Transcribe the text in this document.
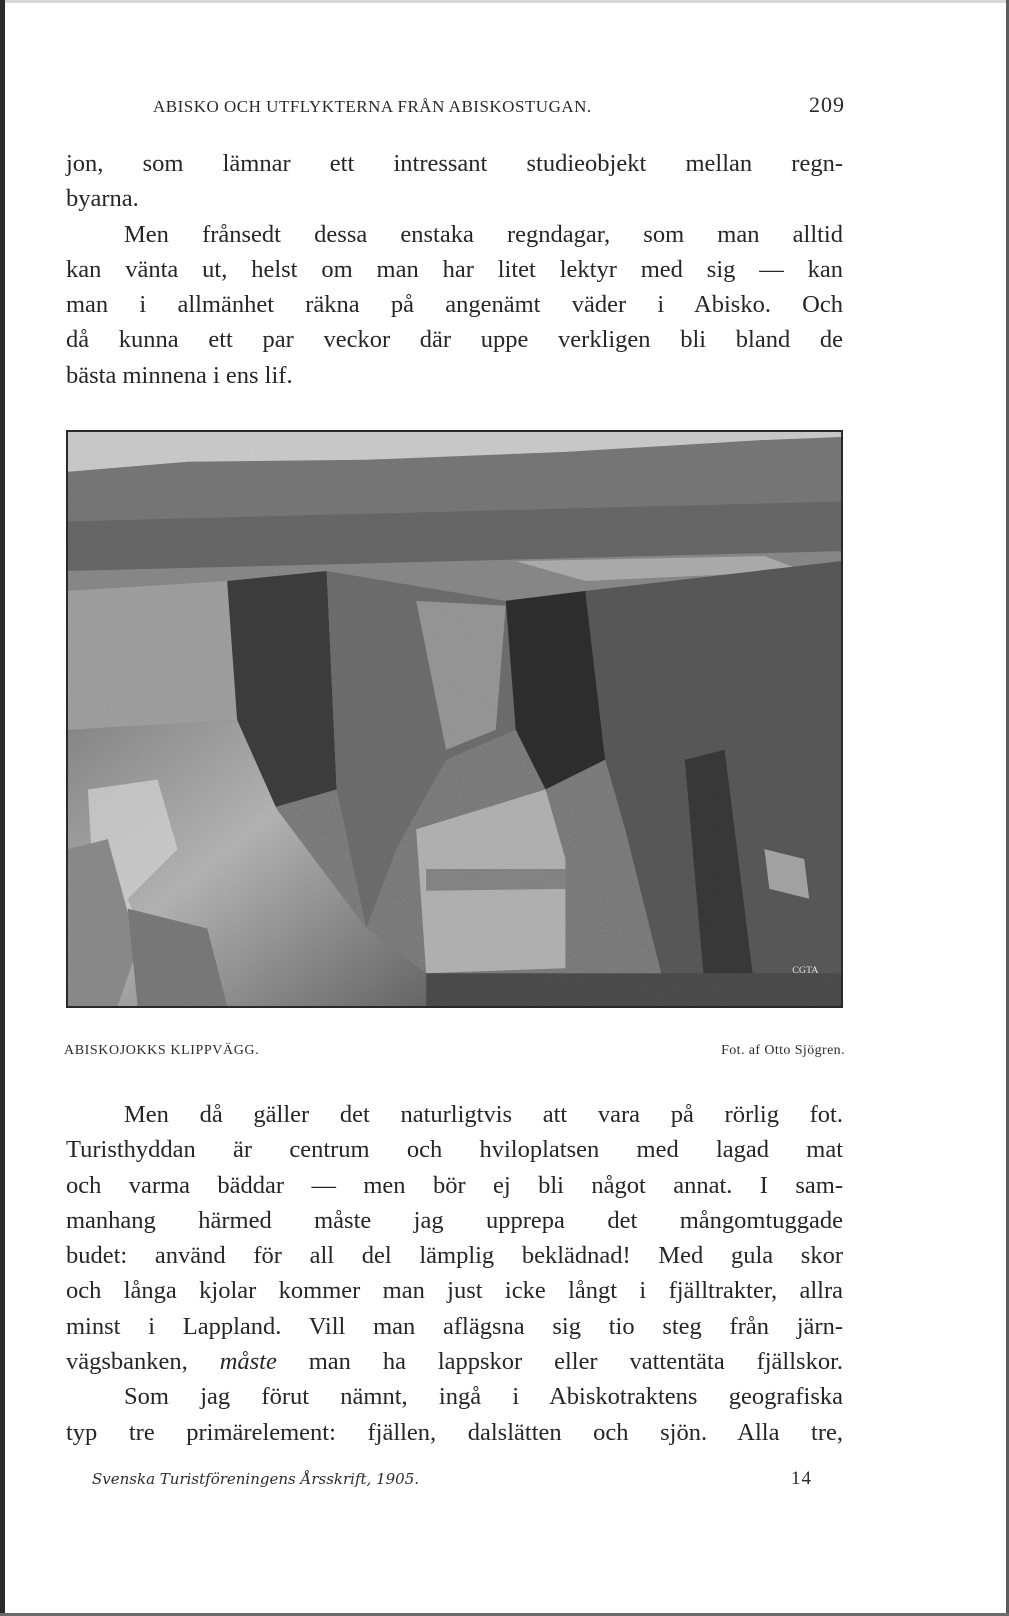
ABISKO OCH UTFLYKTERNA FRÅN ABISKOSTUGAN.	209
jon, som lämnar ett intressant studieobjekt mellan regn-
byarna.
Men frånsedt dessa enstaka regndagar, som man alltid
kan vänta ut, helst om man har litet lektyr med sig — kan
man i allmänhet räkna på angenämt väder i Abisko. Och
då kunna ett par veckor där uppe verkligen bli bland de
bästa minnena i ens lif.
CGTA
ABISKOJOKKS KLIPPVÄGG.	Fot. af Otto Sjögren.
Men då gäller det naturligtvis att vara på rörlig fot.
Turisthyddan är centrum och hviloplatsen med lagad mat
och varma bäddar — men bör ej bli något annat. I sam-
manhang härmed måste jag upprepa det mångomtuggade
budet: använd för all del lämplig beklädnad! Med gula skor
och långa kjolar kommer man just icke långt i fjälltrakter, allra
minst i Lappland. Vill man aflägsna sig tio steg från järn-
vägsbanken, måste man ha lappskor eller vattentäta fjällskor.
Som jag förut nämnt, ingå i Abiskotraktens geografiska
typ tre primärelement: fjällen, dalslätten och sjön. Alla tre,
Svenska Turistföreningens Årsskrift, 1905.	14
